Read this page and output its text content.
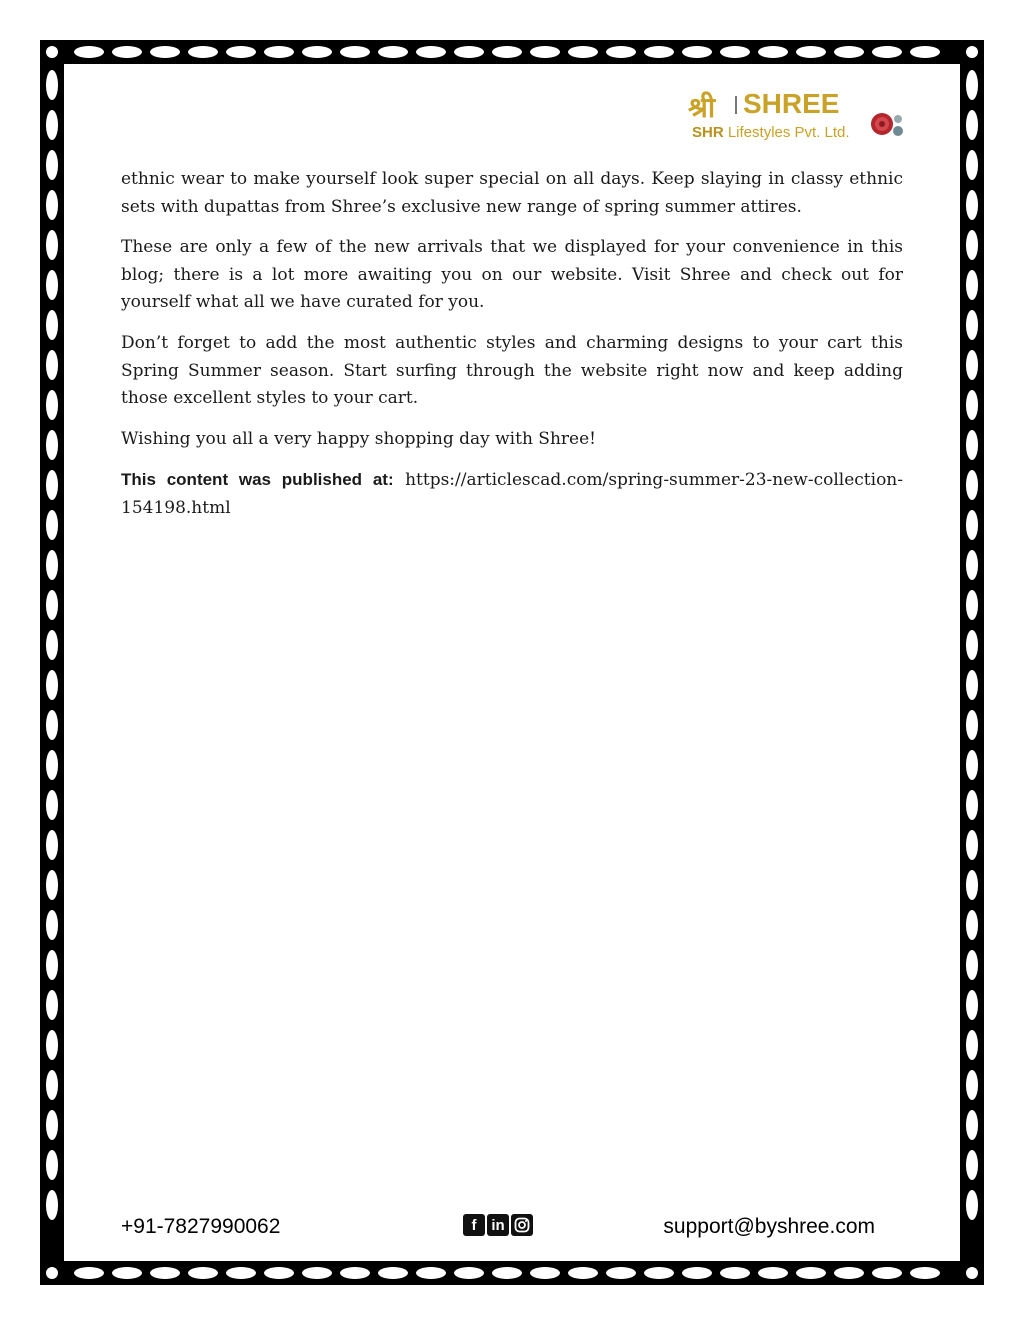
श्री SHREE
SHR Lifestyles Pvt. Ltd.

ethnic wear to make yourself look super special on all days. Keep slaying in classy ethnic sets with dupattas from Shree’s exclusive new range of spring summer attires.

These are only a few of the new arrivals that we displayed for your convenience in this blog; there is a lot more awaiting you on our website. Visit Shree and check out for yourself what all we have curated for you.

Don’t forget to add the most authentic styles and charming designs to your cart this Spring Summer season. Start surfing through the website right now and keep adding those excellent styles to your cart.

Wishing you all a very happy shopping day with Shree!

This content was published at: https://articlescad.com/spring-summer-23-new-collection-154198.html

+91-7827990062	f in	support@byshree.com
